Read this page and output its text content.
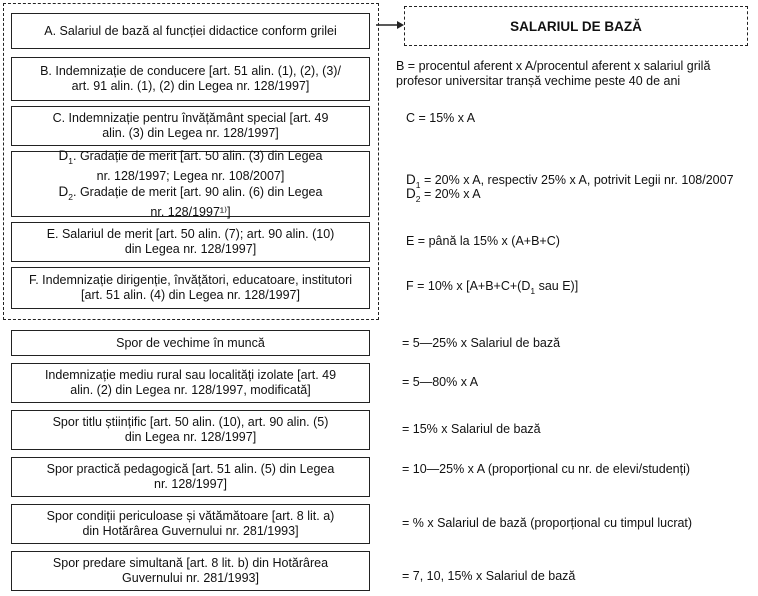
A. Salariul de bază al funcției didactice conform grilei
B. Indemnizație de conducere [art. 51 alin. (1), (2), (3)/
art. 91 alin. (1), (2) din Legea nr. 128/1997]
C. Indemnizație pentru învățământ special [art. 49
alin. (3) din Legea nr. 128/1997]
$D_1$. Gradație de merit [art. 50 alin. (3) din Legea
nr. 128/1997; Legea nr. 108/2007]
$D_2$. Gradație de merit [art. 90 alin. (6) din Legea
nr. 128/1997¹⁾]
E. Salariul de merit [art. 50 alin. (7); art. 90 alin. (10)
din Legea nr. 128/1997]
F. Indemnizație dirigenție, învățători, educatoare, institutori
[art. 51 alin. (4) din Legea nr. 128/1997]
SALARIUL DE BAZĂ
B = procentul aferent x A/procentul aferent x salariul grilă
profesor universitar tranșă vechime peste 40 de ani
C = 15% x A
$D_1 = 20\%$ x A, respectiv 25% x A, potrivit Legii nr. 108/2007
$D_2 = 20\%$ x A
E = până la 15% x (A+B+C)
F = 10% x [$A+B+C+(D_1$ sau E)]
Spor de vechime în muncă
Indemnizație mediu rural sau localități izolate [art. 49
alin. (2) din Legea nr. 128/1997, modificată]
Spor titlu științific [art. 50 alin. (10), art. 90 alin. (5)
din Legea nr. 128/1997]
Spor practică pedagogică [art. 51 alin. (5) din Legea
nr. 128/1997]
Spor condiții periculoase și vătămătoare [art. 8 lit. a)
din Hotărârea Guvernului nr. 281/1993]
Spor predare simultană [art. 8 lit. b) din Hotărârea
Guvernului nr. 281/1993]
= 5—25% x Salariul de bază
= 5—80% x A
= 15% x Salariul de bază
= 10—25% x A (proporțional cu nr. de elevi/studenți)
= % x Salariul de bază (proporțional cu timpul lucrat)
= 7, 10, 15% x Salariul de bază
